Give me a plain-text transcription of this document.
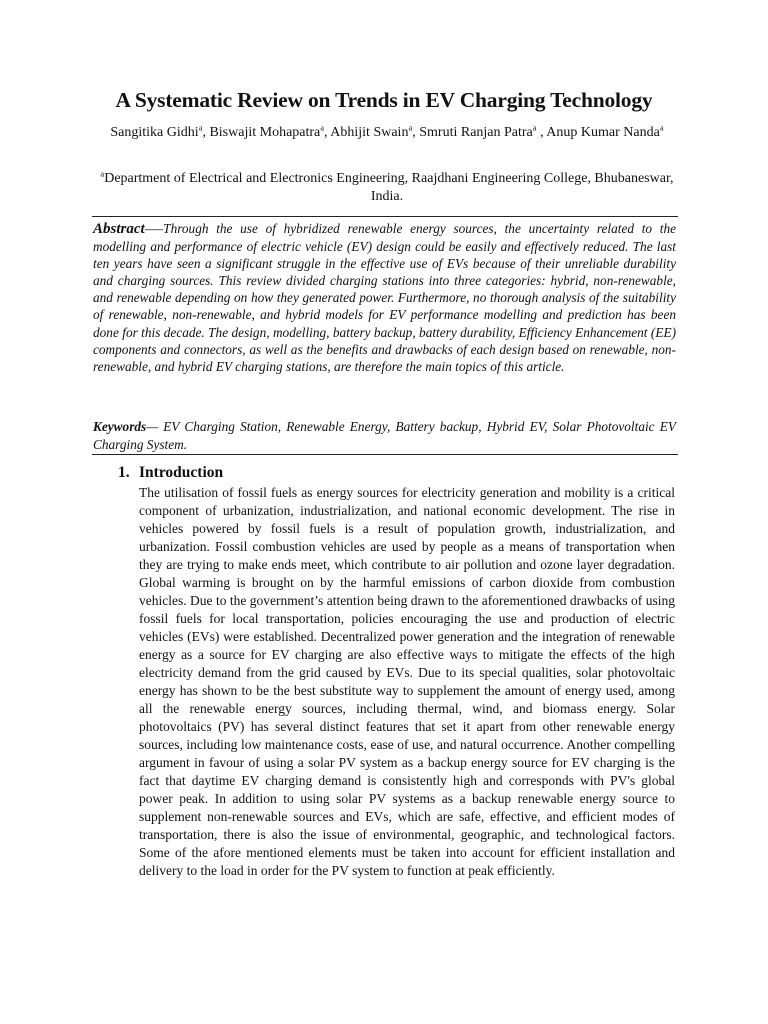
A Systematic Review on Trends in EV Charging Technology
Sangitika Gidhi$^a$, Biswajit Mohapatra$^a$, Abhijit Swain$^a$, Smruti Ranjan Patra$^a$ , Anup Kumar Nanda$^a$
$^a$Department of Electrical and Electronics Engineering, Raajdhani Engineering College, Bhubaneswar, India.
Abstract—–Through the use of hybridized renewable energy sources, the uncertainty related to the modelling and performance of electric vehicle (EV) design could be easily and effectively reduced. The last ten years have seen a significant struggle in the effective use of EVs because of their unreliable durability and charging sources. This review divided charging stations into three categories: hybrid, non-renewable, and renewable depending on how they generated power. Furthermore, no thorough analysis of the suitability of renewable, non-renewable, and hybrid models for EV performance modelling and prediction has been done for this decade. The design, modelling, battery backup, battery durability, Efficiency Enhancement (EE) components and connectors, as well as the benefits and drawbacks of each design based on renewable, non-renewable, and hybrid EV charging stations, are therefore the main topics of this article.
Keywords— EV Charging Station, Renewable Energy, Battery backup, Hybrid EV, Solar Photovoltaic EV Charging System.
1. Introduction
The utilisation of fossil fuels as energy sources for electricity generation and mobility is a critical component of urbanization, industrialization, and national economic development. The rise in vehicles powered by fossil fuels is a result of population growth, industrialization, and urbanization. Fossil combustion vehicles are used by people as a means of transportation when they are trying to make ends meet, which contribute to air pollution and ozone layer degradation. Global warming is brought on by the harmful emissions of carbon dioxide from combustion vehicles. Due to the government’s attention being drawn to the aforementioned drawbacks of using fossil fuels for local transportation, policies encouraging the use and production of electric vehicles (EVs) were established. Decentralized power generation and the integration of renewable energy as a source for EV charging are also effective ways to mitigate the effects of the high electricity demand from the grid caused by EVs. Due to its special qualities, solar photovoltaic energy has shown to be the best substitute way to supplement the amount of energy used, among all the renewable energy sources, including thermal, wind, and biomass energy. Solar photovoltaics (PV) has several distinct features that set it apart from other renewable energy sources, including low maintenance costs, ease of use, and natural occurrence. Another compelling argument in favour of using a solar PV system as a backup energy source for EV charging is the fact that daytime EV charging demand is consistently high and corresponds with PV's global power peak. In addition to using solar PV systems as a backup renewable energy source to supplement non-renewable sources and EVs, which are safe, effective, and efficient modes of transportation, there is also the issue of environmental, geographic, and technological factors. Some of the afore mentioned elements must be taken into account for efficient installation and delivery to the load in order for the PV system to function at peak efficiently.
